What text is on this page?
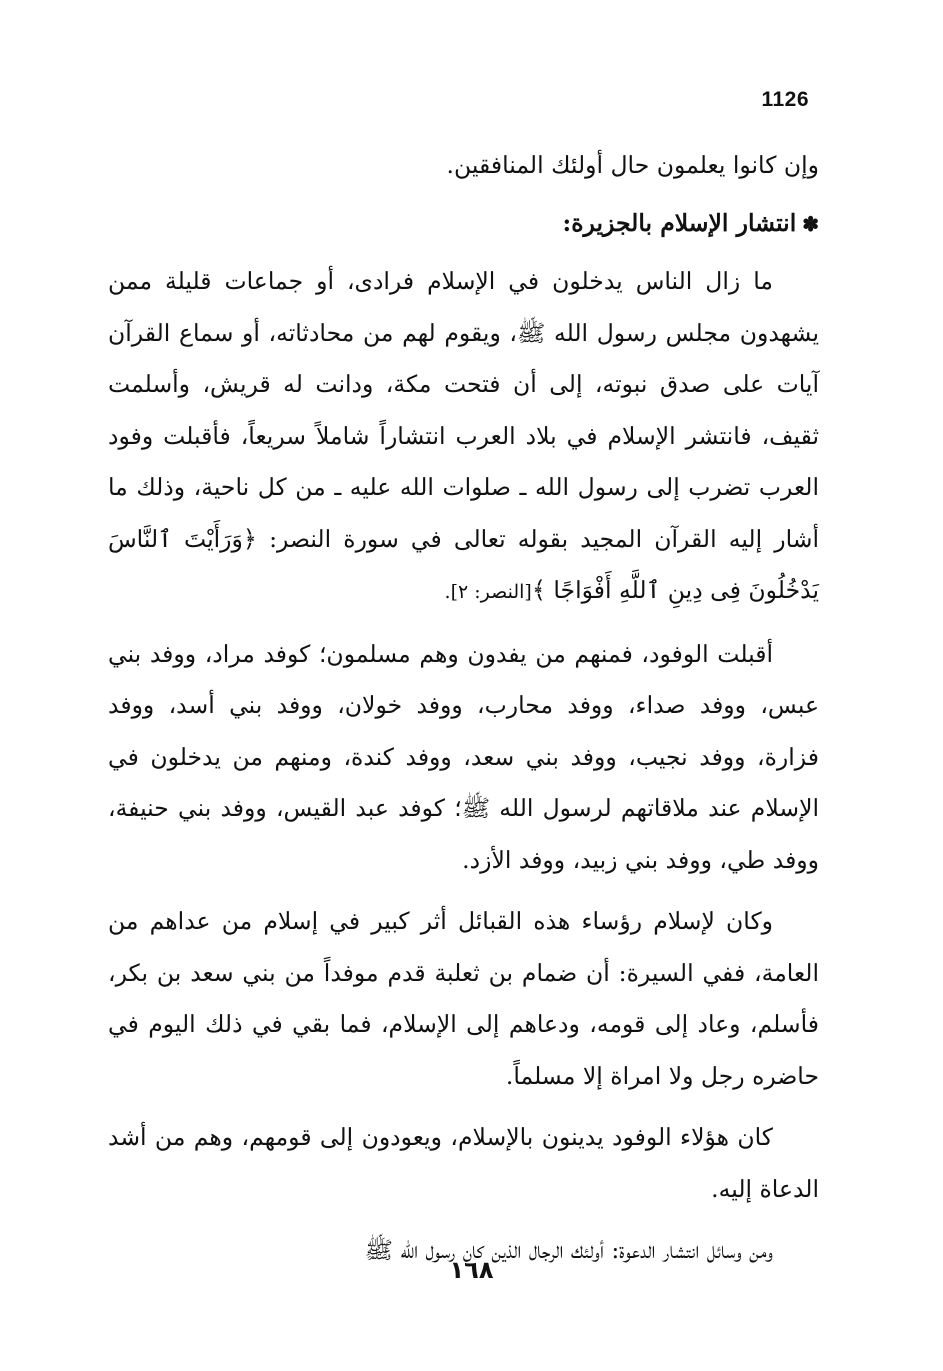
1126

وإن كانوا يعلمون حال أولئك المنافقين.

✽انتشار الإسلام بالجزيرة:

ما زال الناس يدخلون في الإسلام فرادى، أو جماعات قليلة ممن يشهدون مجلس رسول الله ﷺ، ويقوم لهم من محادثاته، أو سماع القرآن آيات على صدق نبوته، إلى أن فتحت مكة، ودانت له قريش، وأسلمت ثقيف، فانتشر الإسلام في بلاد العرب انتشاراً شاملاً سريعاً، فأقبلت وفود العرب تضرب إلى رسول الله ـ صلوات الله عليه ـ من كل ناحية، وذلك ما أشار إليه القرآن المجيد بقوله تعالى في سورة النصر: ﴿وَرَأَيْتَ ٱلنَّاسَ يَدْخُلُونَ فِى دِينِ ٱللَّهِ أَفْوَاجًا ﴾[النصر: ٢].

أقبلت الوفود، فمنهم من يفدون وهم مسلمون؛ كوفد مراد، ووفد بني عبس، ووفد صداء، ووفد محارب، ووفد خولان، ووفد بني أسد، ووفد فزارة، ووفد نجيب، ووفد بني سعد، ووفد كندة، ومنهم من يدخلون في الإسلام عند ملاقاتهم لرسول الله ﷺ؛ كوفد عبد القيس، ووفد بني حنيفة، ووفد طي، ووفد بني زبيد، ووفد الأزد.

وكان لإسلام رؤساء هذه القبائل أثر كبير في إسلام من عداهم من العامة، ففي السيرة: أن ضمام بن ثعلبة قدم موفداً من بني سعد بن بكر، فأسلم، وعاد إلى قومه، ودعاهم إلى الإسلام، فما بقي في ذلك اليوم في حاضره رجل ولا امراة إلا مسلماً.

كان هؤلاء الوفود يدينون بالإسلام، ويعودون إلى قومهم، وهم من أشد الدعاة إليه.

ومن وسائل انتشار الدعوة: أولئك الرجال الذين كان رسول الله ﷺ

١٦٨
